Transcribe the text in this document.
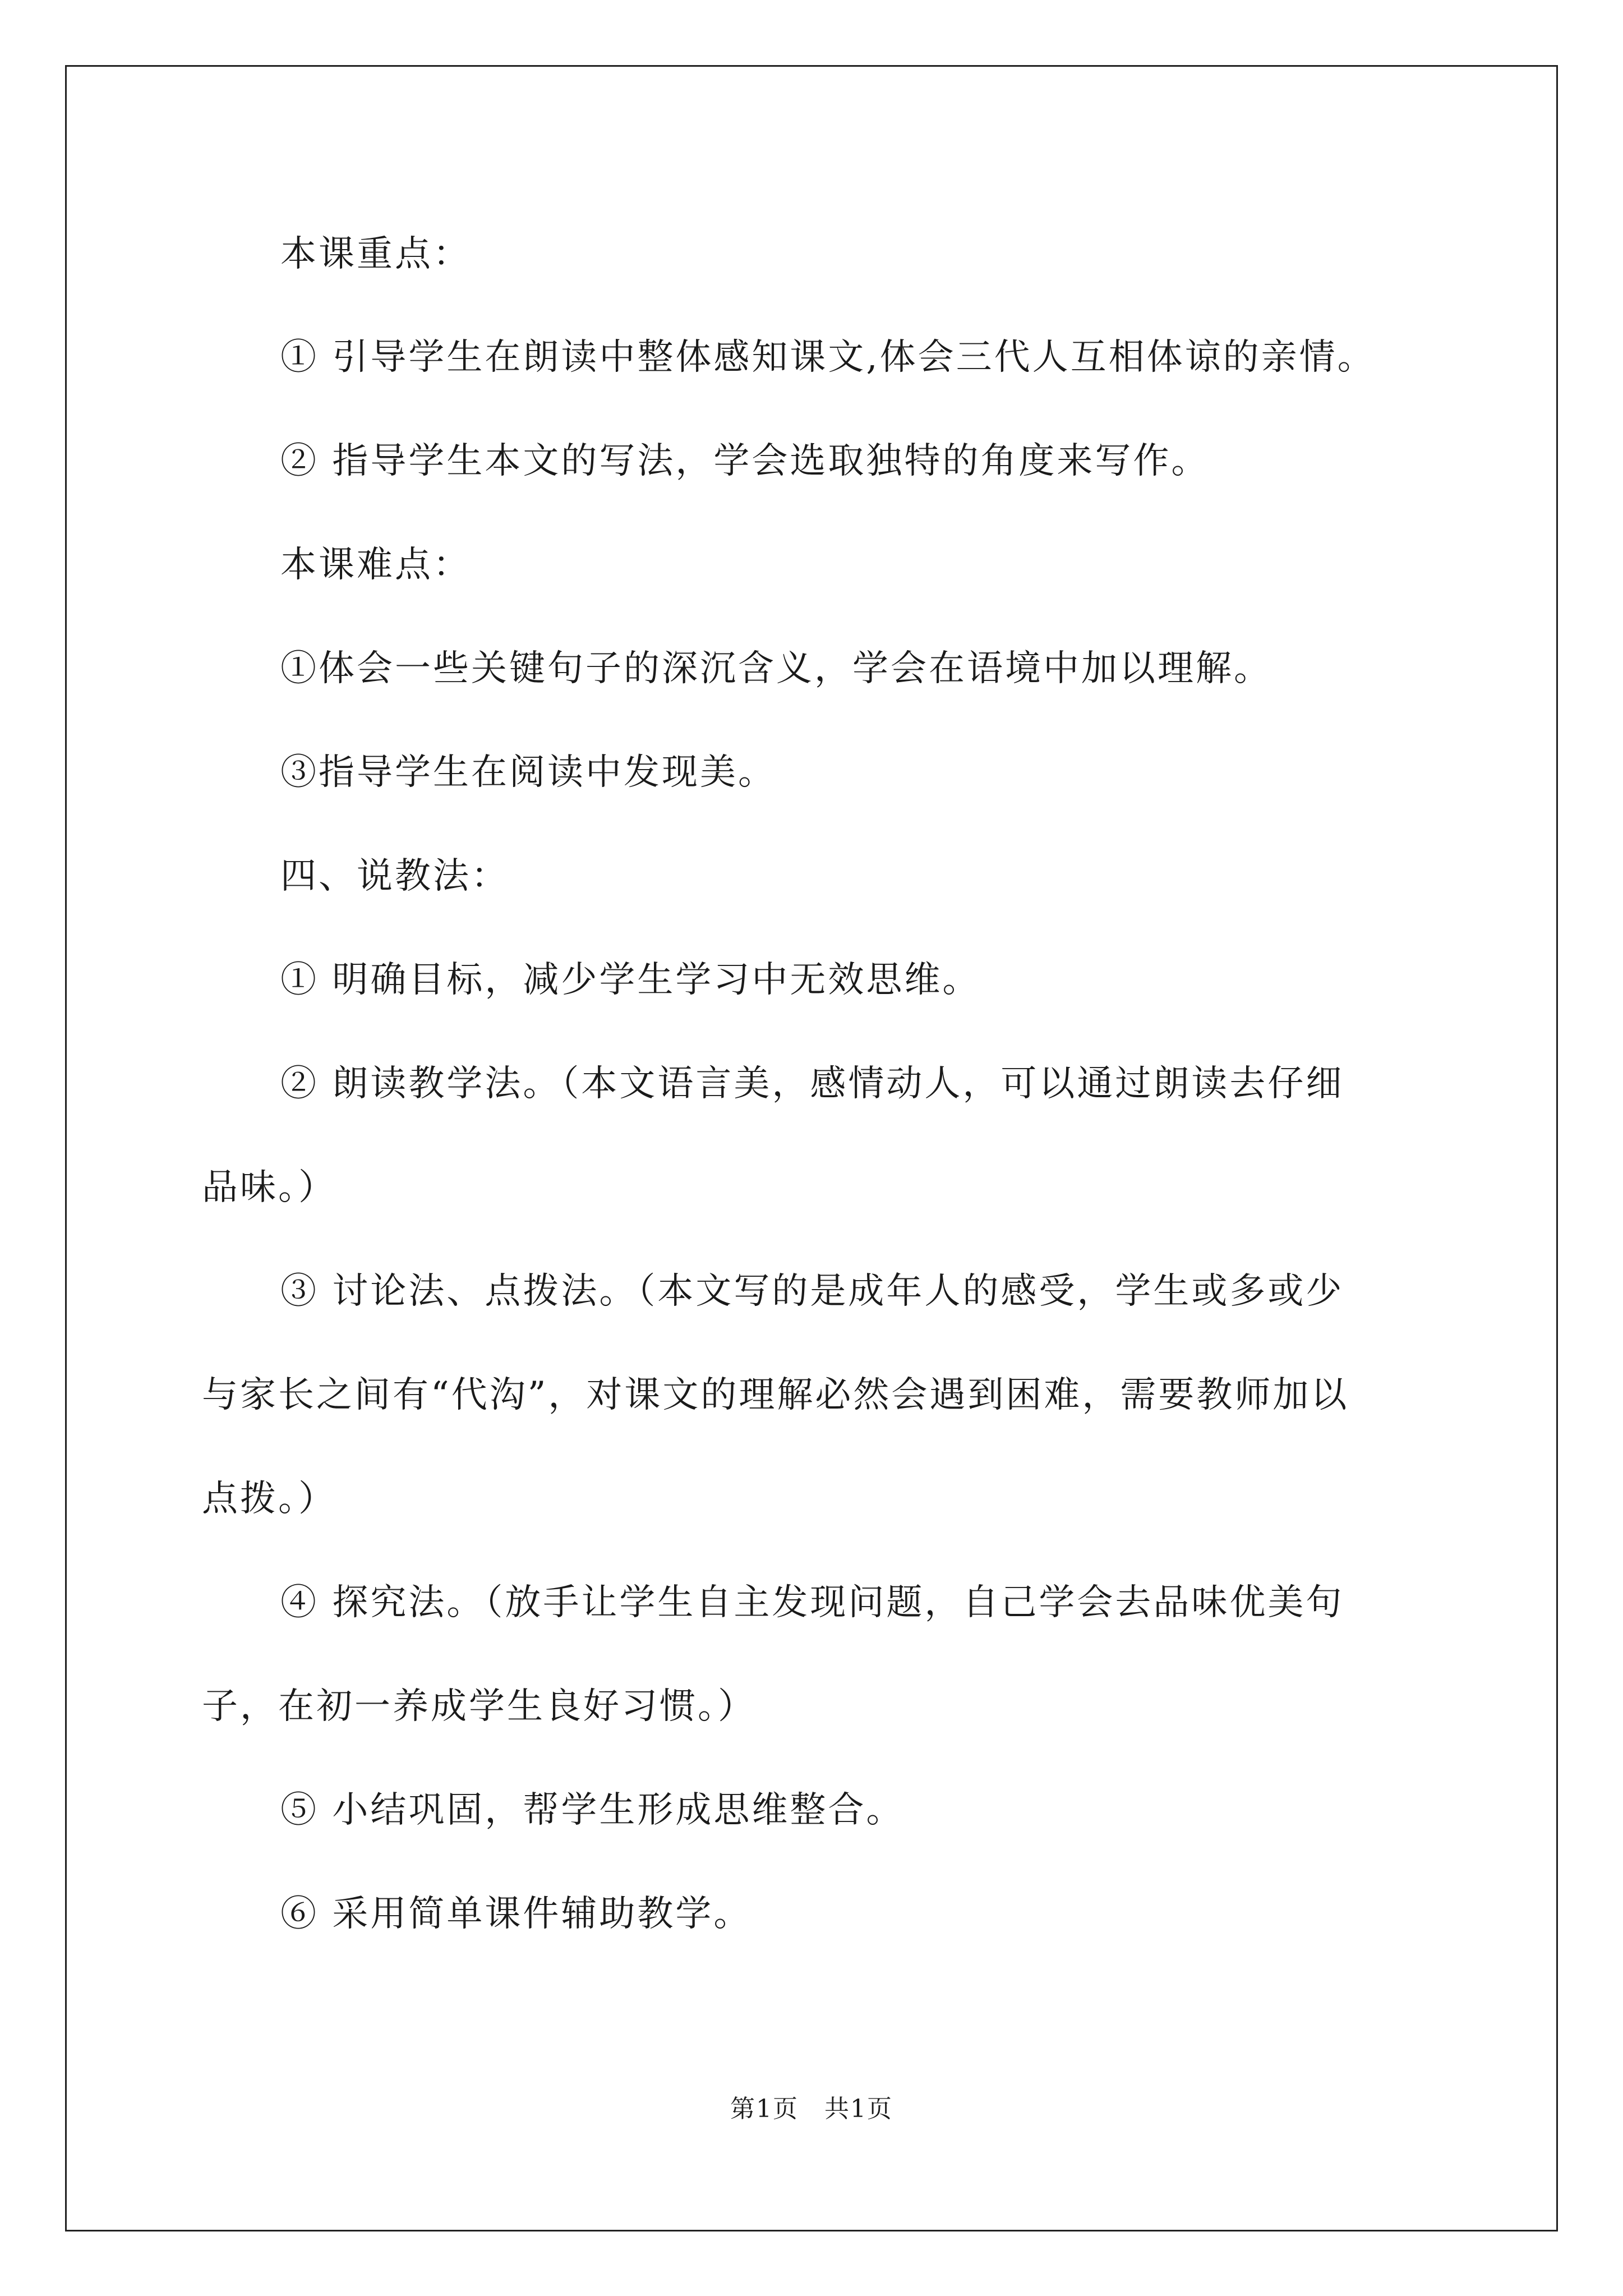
本课重点：
① 引导学生在朗读中整体感知课文,体会三代人互相体谅的亲情。
② 指导学生本文的写法，学会选取独特的角度来写作。
本课难点：
①体会一些关键句子的深沉含义，学会在语境中加以理解。
③指导学生在阅读中发现美。
四、说教法：
① 明确目标，减少学生学习中无效思维。
② 朗读教学法。（本文语言美，感情动人，可以通过朗读去仔细
品味。）
③ 讨论法、点拨法。（本文写的是成年人的感受，学生或多或少
与家长之间有“代沟”，对课文的理解必然会遇到困难，需要教师加以
点拨。）
④ 探究法。（放手让学生自主发现问题，自己学会去品味优美句
子，在初一养成学生良好习惯。）
⑤ 小结巩固，帮学生形成思维整合。
⑥ 采用简单课件辅助教学。
第1页　共1页
